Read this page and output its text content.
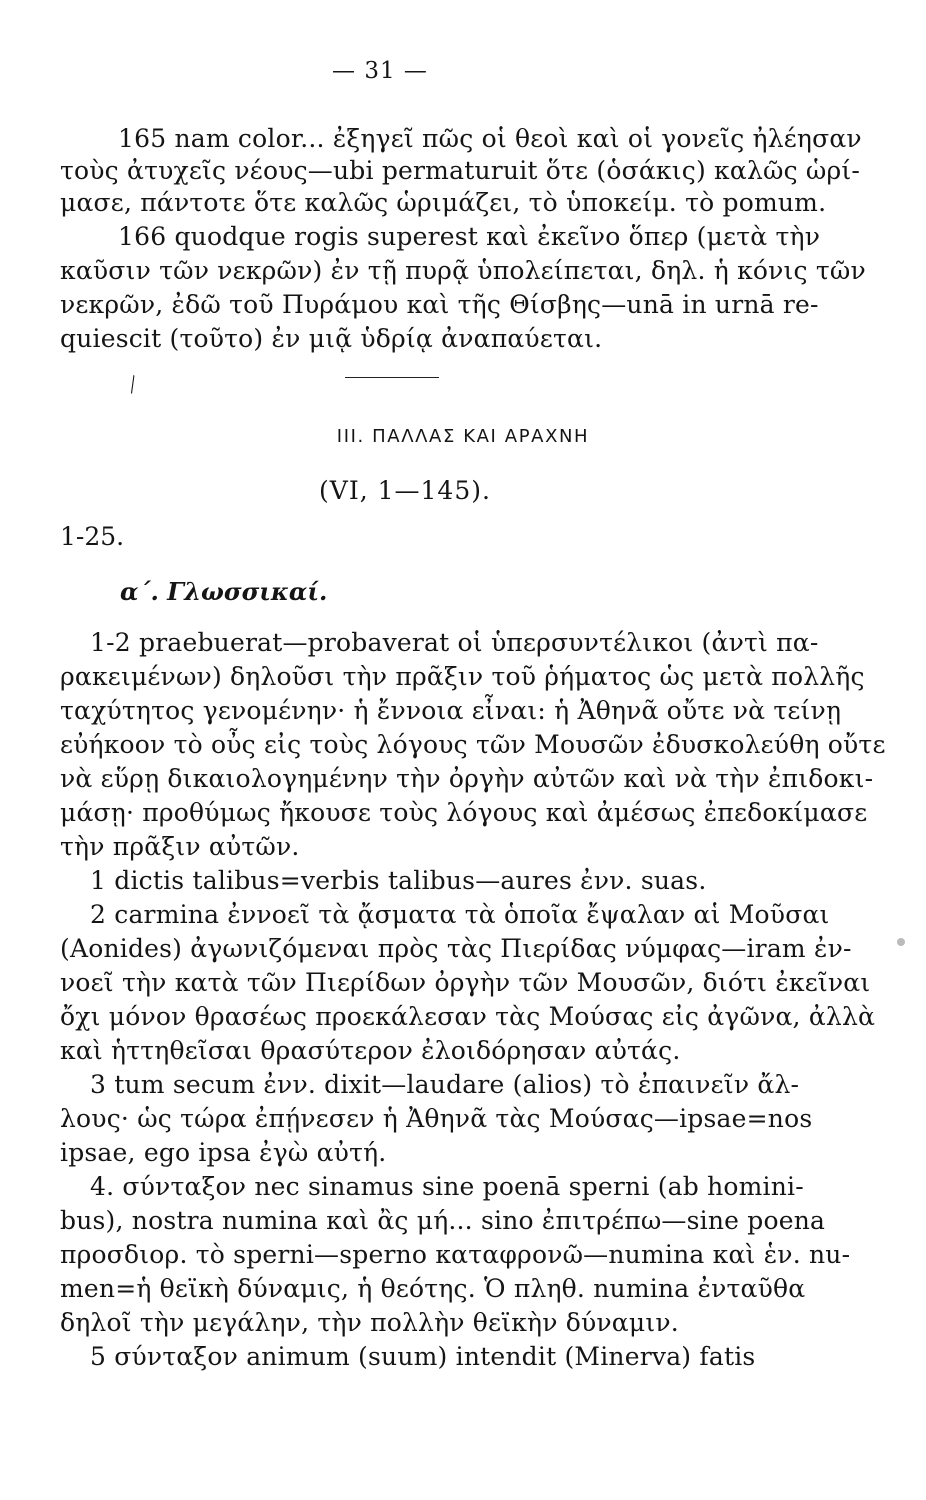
— 31 —
165 nam color... ἐξηγεῖ πῶς οἱ θεοὶ καὶ οἱ γονεῖς ἠλέησαν
τοὺς ἀτυχεῖς νέους—ubi permaturuit ὅτε (ὁσάκις) καλῶς ὡρί-
μασε, πάντοτε ὅτε καλῶς ὡριμάζει, τὸ ὑποκείμ. τὸ pomum.
166 quodque rogis superest καὶ ἐκεῖνο ὅπερ (μετὰ τὴν
καῦσιν τῶν νεκρῶν) ἐν τῇ πυρᾷ ὑπολείπεται, δηλ. ἡ κόνις τῶν
νεκρῶν, ἐδῶ τοῦ Πυράμου καὶ τῆς Θίσβης—unā in urnā re-
quiescit (τοῦτο) ἐν μιᾷ ὑδρίᾳ ἀναπαύεται.
╲
III. ΠΑΛΛΑΣ ΚΑΙ ΑΡΑΧΝΗ
(VI, 1—145).
1-25.
α΄. Γλωσσικαί.
1-2 praebuerat—probaverat οἱ ὑπερσυντέλικοι (ἀντὶ πα-
ρακειμένων) δηλοῦσι τὴν πρᾶξιν τοῦ ῥήματος ὡς μετὰ πολλῆς
ταχύτητος γενομένην· ἡ ἔννοια εἶναι: ἡ Ἀθηνᾶ οὔτε νὰ τείνῃ
εὐήκοον τὸ οὖς εἰς τοὺς λόγους τῶν Μουσῶν ἐδυσκολεύθη οὔτε
νὰ εὕρῃ δικαιολογημένην τὴν ὀργὴν αὐτῶν καὶ νὰ τὴν ἐπιδοκι-
μάσῃ· προθύμως ἤκουσε τοὺς λόγους καὶ ἀμέσως ἐπεδοκίμασε
τὴν πρᾶξιν αὐτῶν.
1 dictis talibus=verbis talibus—aures ἐνν. suas.
2 carmina ἐννοεῖ τὰ ᾄσματα τὰ ὁποῖα ἔψαλαν αἱ Μοῦσαι
(Aonides) ἀγωνιζόμεναι πρὸς τὰς Πιερίδας νύμφας—iram ἐν-
νοεῖ τὴν κατὰ τῶν Πιερίδων ὀργὴν τῶν Μουσῶν, διότι ἐκεῖναι
ὄχι μόνον θρασέως προεκάλεσαν τὰς Μούσας εἰς ἀγῶνα, ἀλλὰ
καὶ ἡττηθεῖσαι θρασύτερον ἐλοιδόρησαν αὐτάς.
3 tum secum ἐνν. dixit—laudare (alios) τὸ ἐπαινεῖν ἄλ-
λους· ὡς τώρα ἐπῄνεσεν ἡ Ἀθηνᾶ τὰς Μούσας—ipsae=nos
ipsae, ego ipsa ἐγὼ αὐτή.
4. σύνταξον nec sinamus sine poenā sperni (ab homini-
bus), nostra numina καὶ ἂς μή... sino ἐπιτρέπω—sine poena
προσδιορ. τὸ sperni—sperno καταφρονῶ—numina καὶ ἑν. nu-
men=ἡ θεϊκὴ δύναμις, ἡ θεότης. Ὁ πληθ. numina ἐνταῦθα
δηλοῖ τὴν μεγάλην, τὴν πολλὴν θεϊκὴν δύναμιν.
5 σύνταξον animum (suum) intendit (Minerva) fatis
